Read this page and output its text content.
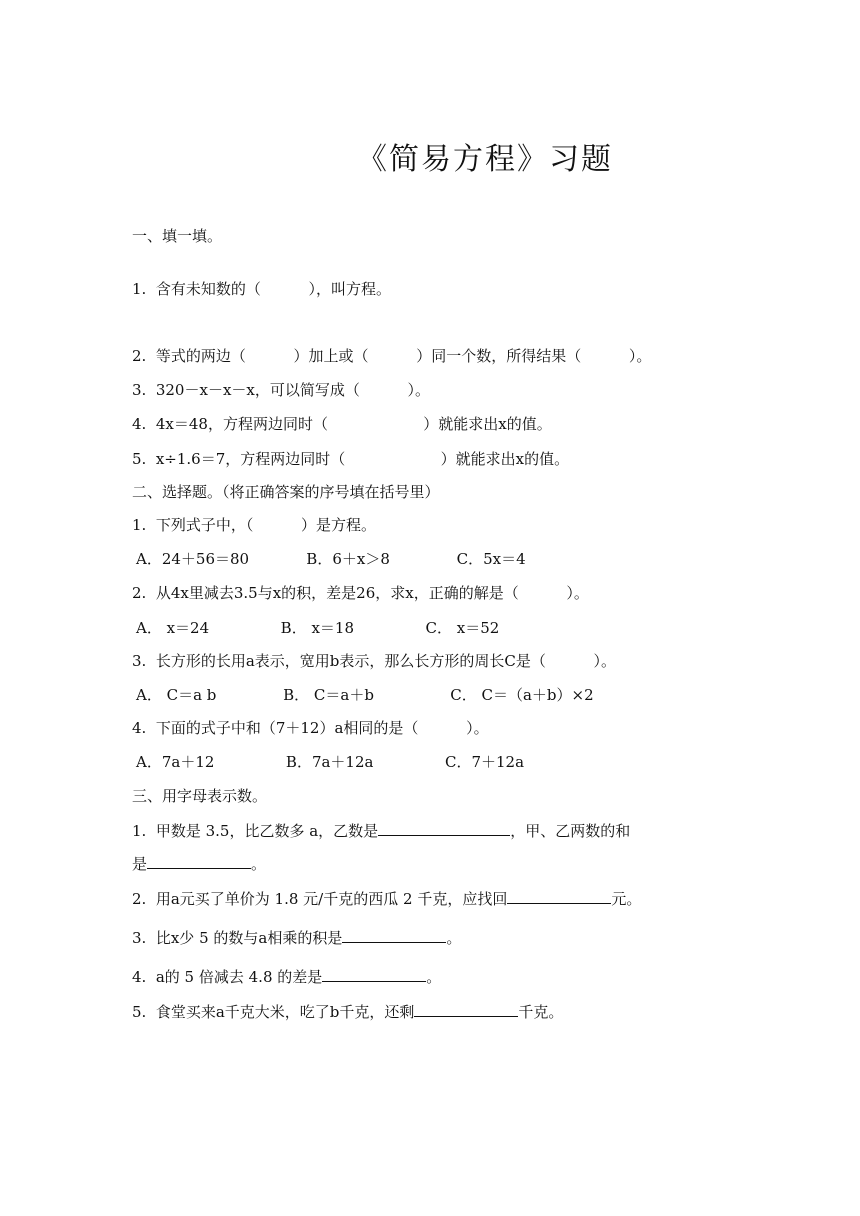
《简易方程》习题
一、填一填。
1.  含有未知数的（          ），叫方程。
2.  等式的两边（          ）加上或（          ）同一个数，所得结果（          ）。
3.  320－x－x－x，可以简写成（          ）。
4.  4x＝48，方程两边同时（                    ）就能求出x的值。
5.  x÷1.6＝7，方程两边同时（                    ）就能求出x的值。
二、选择题。（将正确答案的序号填在括号里）
1.  下列式子中，（          ）是方程。
A．24＋56＝80            B．6＋x＞8              C．5x＝4
2.  从4x里减去3.5与x的积，差是26，求x，正确的解是（          ）。
A． x＝24               B． x＝18               C． x＝52
3.  长方形的长用a表示，宽用b表示，那么长方形的周长C是（          ）。
A． C＝a b              B． C＝a＋b                C． C＝（a＋b）×2
4.  下面的式子中和（7＋12）a相同的是（          ）。
A．7a＋12               B．7a＋12a               C．7＋12a
三、用字母表示数。
1.  甲数是 3.5，比乙数多 a，乙数是	，甲、乙两数的和
是	。
2.  用a元买了单价为 1.8 元/千克的西瓜 2 千克，应找回	元。
3.  比x少 5 的数与a相乘的积是	。
4.  a的 5 倍减去 4.8 的差是	。
5.  食堂买来a千克大米，吃了b千克，还剩	千克。
